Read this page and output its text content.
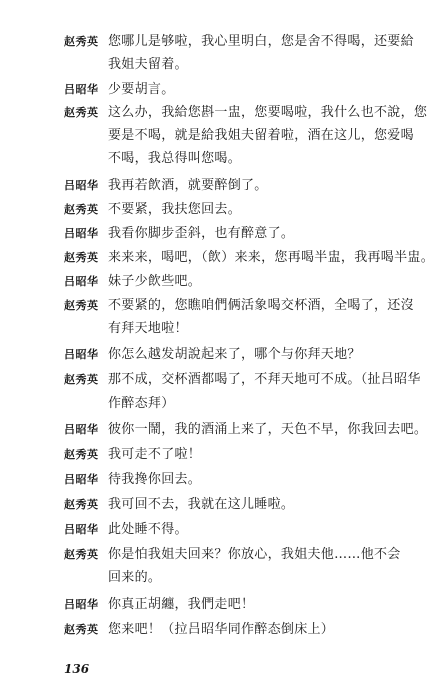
赵秀英 您哪儿是够啦，我心里明白，您是舍不得喝，还要給
我姐夫留着。
吕昭华 少要胡言。
赵秀英 这么办，我給您斟一盅，您要喝啦，我什么也不說，您
要是不喝，就是給我姐夫留着啦，酒在这儿，您爱喝
不喝，我总得叫您喝。
吕昭华 我再若飲酒，就要醉倒了。
赵秀英 不要紧，我扶您回去。
吕昭华 我看你脚步歪斜，也有醉意了。
赵秀英 来来来，喝吧，（飲）来来，您再喝半盅，我再喝半盅。
吕昭华 妹子少飲些吧。
赵秀英 不要紧的，您瞧咱們俩活象喝交杯酒，全喝了，还沒
有拜天地啦！
吕昭华 你怎么越发胡說起来了，哪个与你拜天地？
赵秀英 那不成，交杯酒都喝了，不拜天地可不成。（扯吕昭华
作醉态拜）
吕昭华 彼你一鬧，我的酒涌上来了，天色不早，你我回去吧。
赵秀英 我可走不了啦！
吕昭华 待我搀你回去。
赵秀英 我可回不去，我就在这儿睡啦。
吕昭华 此处睡不得。
赵秀英 你是怕我姐夫回来？你放心，我姐夫他……他不会
回来的。
吕昭华 你真正胡纏，我們走吧！
赵秀英 您来吧！（拉吕昭华同作醉态倒床上）
136
